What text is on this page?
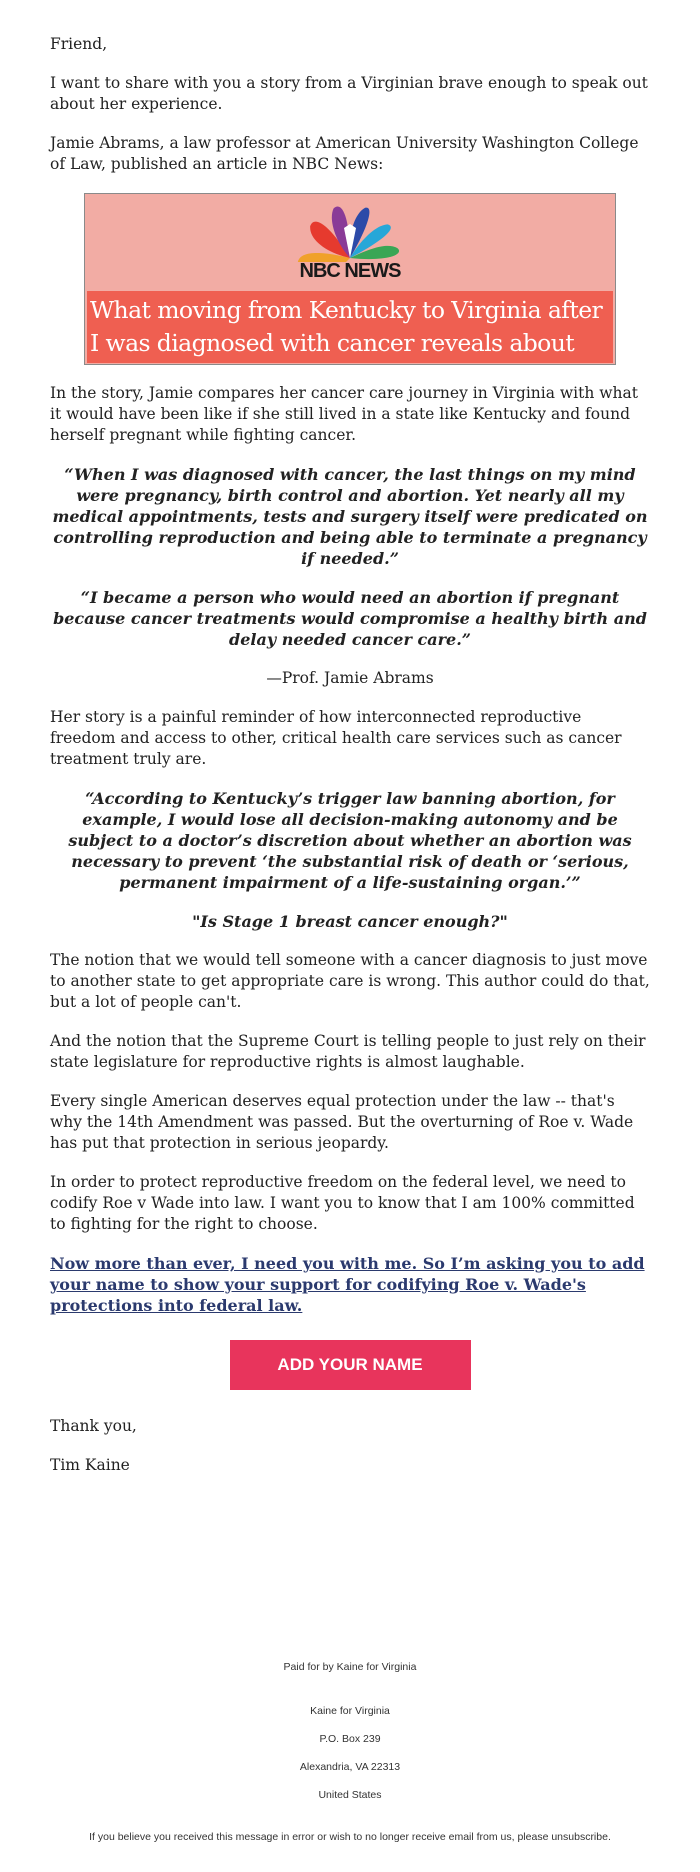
Friend,

I want to share with you a story from a Virginian brave enough to speak out about her experience.

Jamie Abrams, a law professor at American University Washington College of Law, published an article in NBC News:

NBC NEWS
What moving from Kentucky to Virginia after I was diagnosed with cancer reveals about Roe

In the story, Jamie compares her cancer care journey in Virginia with what it would have been like if she still lived in a state like Kentucky and found herself pregnant while fighting cancer.

“When I was diagnosed with cancer, the last things on my mind were pregnancy, birth control and abortion. Yet nearly all my medical appointments, tests and surgery itself were predicated on controlling reproduction and being able to terminate a pregnancy if needed.”

“I became a person who would need an abortion if pregnant because cancer treatments would compromise a healthy birth and delay needed cancer care.”

—Prof. Jamie Abrams

Her story is a painful reminder of how interconnected reproductive freedom and access to other, critical health care services such as cancer treatment truly are.

“According to Kentucky’s trigger law banning abortion, for example, I would lose all decision-making autonomy and be subject to a doctor’s discretion about whether an abortion was necessary to prevent ‘the substantial risk of death or ‘serious, permanent impairment of a life-sustaining organ.’”

"Is Stage 1 breast cancer enough?"

The notion that we would tell someone with a cancer diagnosis to just move to another state to get appropriate care is wrong. This author could do that, but a lot of people can't.

And the notion that the Supreme Court is telling people to just rely on their state legislature for reproductive rights is almost laughable.

Every single American deserves equal protection under the law -- that's why the 14th Amendment was passed. But the overturning of Roe v. Wade has put that protection in serious jeopardy.

In order to protect reproductive freedom on the federal level, we need to codify Roe v Wade into law. I want you to know that I am 100% committed to fighting for the right to choose.

Now more than ever, I need you with me. So I’m asking you to add your name to show your support for codifying Roe v. Wade's protections into federal law.
ADD YOUR NAME

Thank you,

Tim Kaine

Paid for by Kaine for Virginia
Kaine for Virginia
P.O. Box 239
Alexandria, VA 22313
United States
If you believe you received this message in error or wish to no longer receive email from us, please unsubscribe.
